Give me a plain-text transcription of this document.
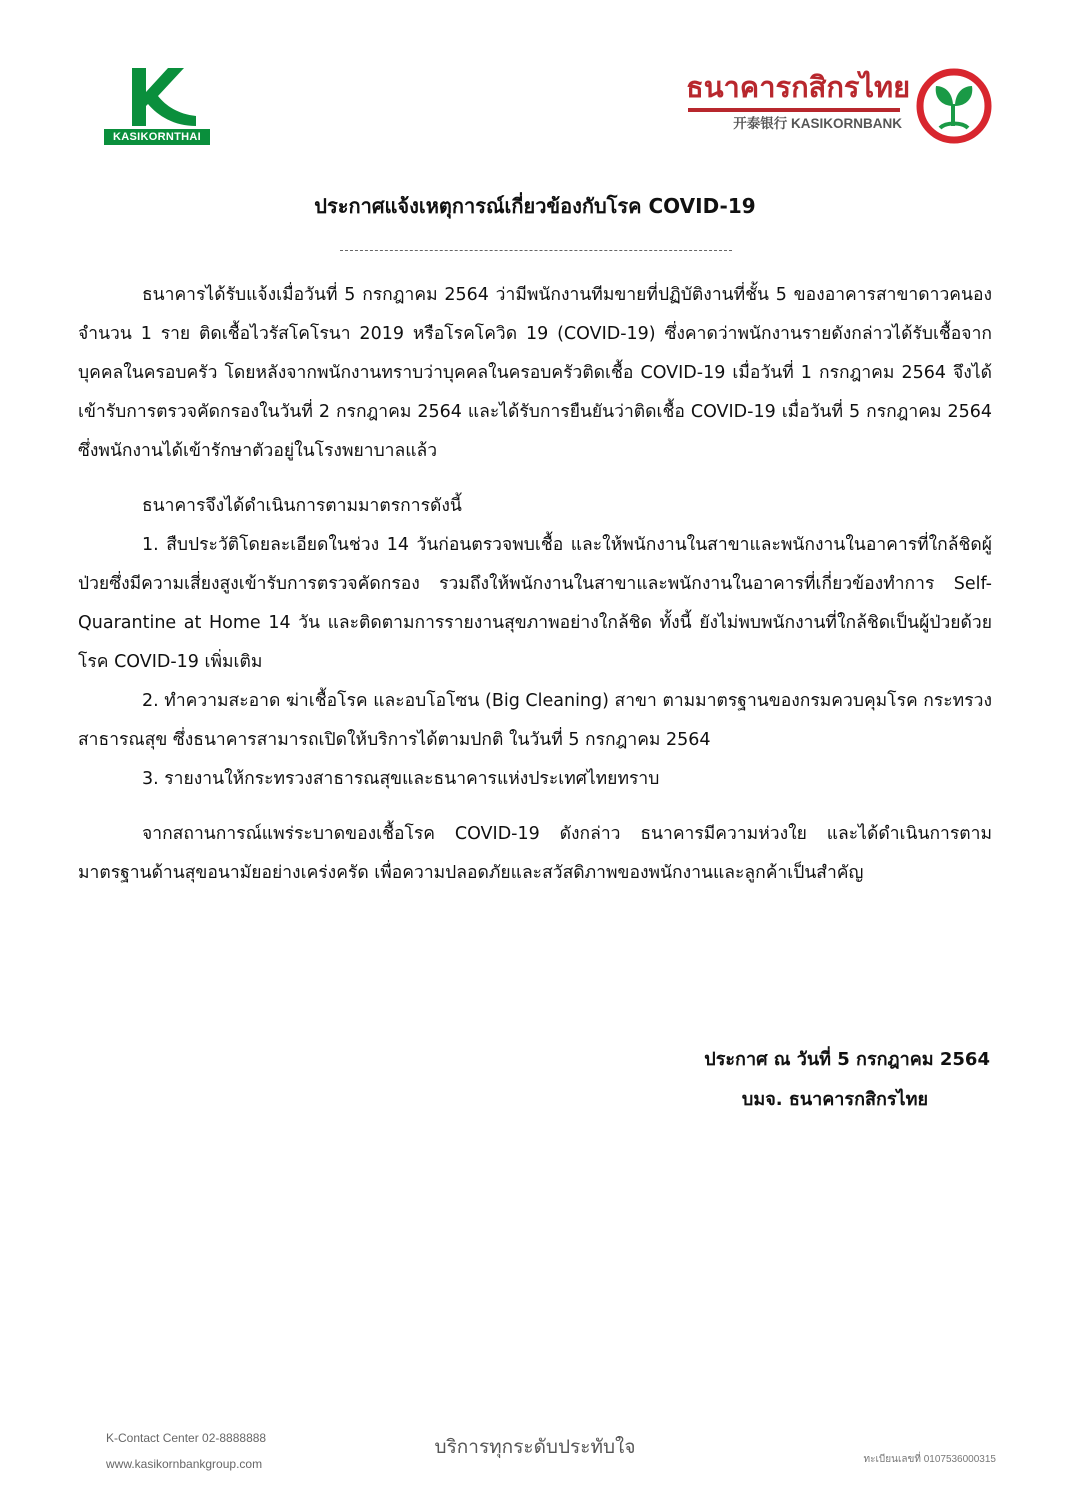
KASIKORNTHAI
ธนาคารกสิกรไทย
开泰银行 KASIKORNBANK
ประกาศแจ้งเหตุการณ์เกี่ยวข้องกับโรค COVID-19

ธนาคารได้รับแจ้งเมื่อวันที่ 5 กรกฎาคม 2564 ว่ามีพนักงานทีมขายที่ปฏิบัติงานที่ชั้น 5 ของอาคารสาขาดาวคนอง จำนวน 1 ราย ติดเชื้อไวรัสโคโรนา 2019 หรือโรคโควิด 19 (COVID-19) ซึ่งคาดว่าพนักงานรายดังกล่าวได้รับเชื้อจากบุคคลในครอบครัว โดยหลังจากพนักงานทราบว่าบุคคลในครอบครัวติดเชื้อ COVID-19 เมื่อวันที่ 1 กรกฎาคม 2564 จึงได้เข้ารับการตรวจคัดกรองในวันที่ 2 กรกฎาคม 2564 และได้รับการยืนยันว่าติดเชื้อ COVID-19 เมื่อวันที่ 5 กรกฎาคม 2564 ซึ่งพนักงานได้เข้ารักษาตัวอยู่ในโรงพยาบาลแล้ว

ธนาคารจึงได้ดำเนินการตามมาตรการดังนี้

1. สืบประวัติโดยละเอียดในช่วง 14 วันก่อนตรวจพบเชื้อ และให้พนักงานในสาขาและพนักงานในอาคารที่ใกล้ชิดผู้ป่วยซึ่งมีความเสี่ยงสูงเข้ารับการตรวจคัดกรอง รวมถึงให้พนักงานในสาขาและพนักงานในอาคารที่เกี่ยวข้องทำการ Self-Quarantine at Home 14 วัน และติดตามการรายงานสุขภาพอย่างใกล้ชิด ทั้งนี้ ยังไม่พบพนักงานที่ใกล้ชิดเป็นผู้ป่วยด้วยโรค COVID-19 เพิ่มเติม

2. ทำความสะอาด ฆ่าเชื้อโรค และอบโอโซน (Big Cleaning) สาขา ตามมาตรฐานของกรมควบคุมโรค กระทรวงสาธารณสุข ซึ่งธนาคารสามารถเปิดให้บริการได้ตามปกติ ในวันที่ 5 กรกฎาคม 2564

3. รายงานให้กระทรวงสาธารณสุขและธนาคารแห่งประเทศไทยทราบ

จากสถานการณ์แพร่ระบาดของเชื้อโรค COVID-19 ดังกล่าว ธนาคารมีความห่วงใย และได้ดำเนินการตามมาตรฐานด้านสุขอนามัยอย่างเคร่งครัด เพื่อความปลอดภัยและสวัสดิภาพของพนักงานและลูกค้าเป็นสำคัญ

ประกาศ ณ วันที่ 5 กรกฎาคม 2564
บมจ. ธนาคารกสิกรไทย
K-Contact Center 02-8888888
www.kasikornbankgroup.com
บริการทุกระดับประทับใจ
ทะเบียนเลขที่ 0107536000315
